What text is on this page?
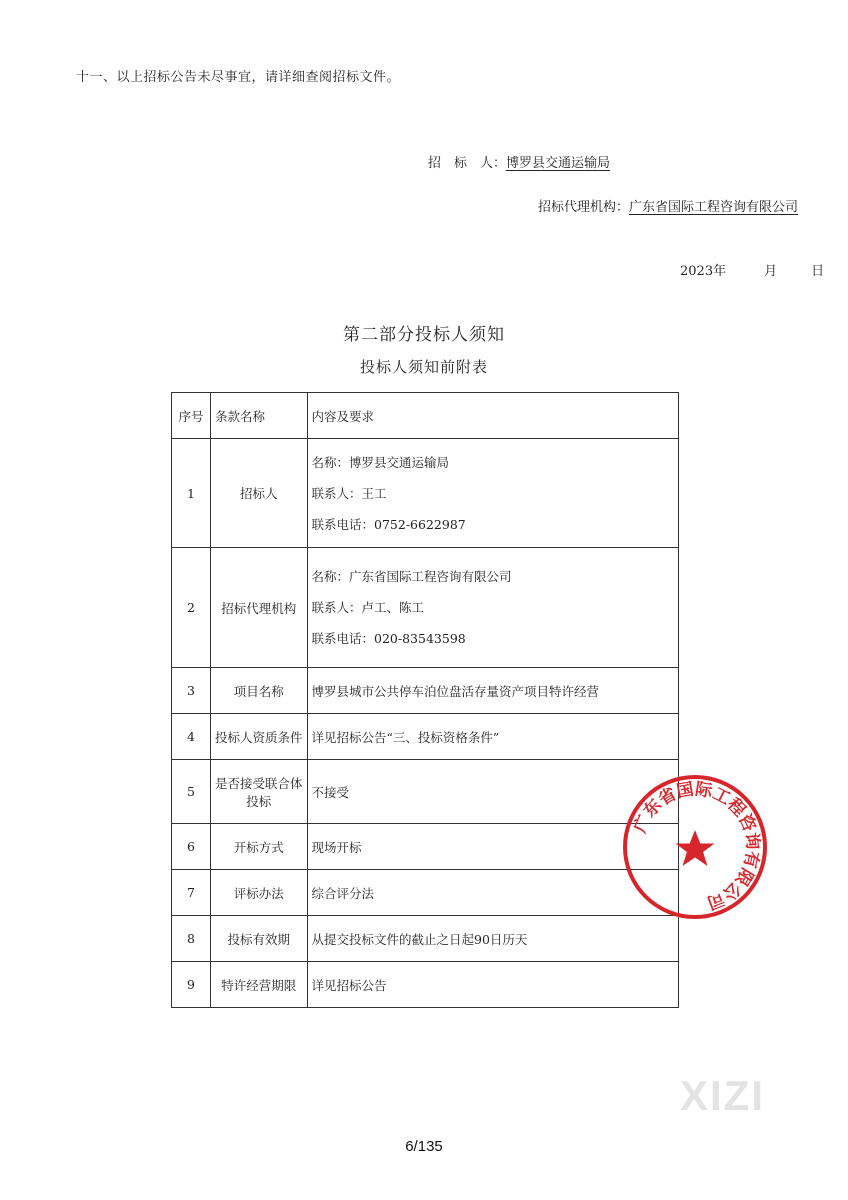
十一、以上招标公告未尽事宜，请详细查阅招标文件。
招　标　人：博罗县交通运输局
招标代理机构：广东省国际工程咨询有限公司
2023年	月	日
第二部分投标人须知
投标人须知前附表
序号	条款名称	内容及要求
1	招标人	名称：博罗县交通运输局
联系人：王工
联系电话：0752-6622987

2	招标代理机构	名称：广东省国际工程咨询有限公司
联系人：卢工、陈工
联系电话：020-83543598

3	项目名称	博罗县城市公共停车泊位盘活存量资产项目特许经营
4	投标人资质条件	详见招标公告“三、投标资格条件”
5	是否接受联合体投标	不接受
6	开标方式	现场开标
7	评标办法	综合评分法
8	投标有效期	从提交投标文件的截止之日起90日历天
9	特许经营期限	详见招标公告
广东省国际工程咨询有限公司
XIZI
6/135
